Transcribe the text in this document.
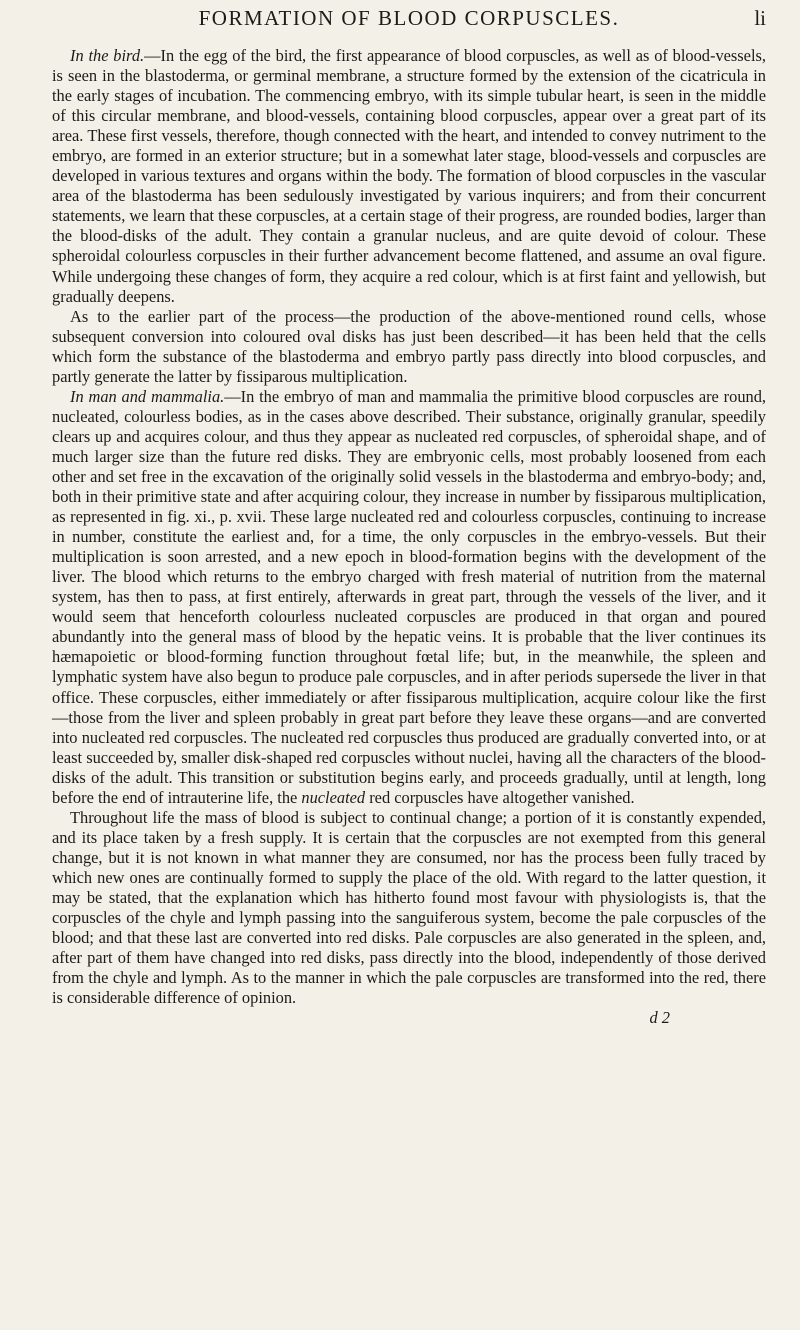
FORMATION OF BLOOD CORPUSCLES.	li

In the bird.—In the egg of the bird, the first appearance of blood corpuscles, as well as of blood-vessels, is seen in the blastoderma, or germinal membrane, a structure formed by the extension of the cicatricula in the early stages of incubation. The commencing embryo, with its simple tubular heart, is seen in the middle of this circular membrane, and blood-vessels, containing blood corpuscles, appear over a great part of its area. These first vessels, therefore, though connected with the heart, and intended to convey nutriment to the embryo, are formed in an exterior structure; but in a somewhat later stage, blood-vessels and corpuscles are developed in various textures and organs within the body. The formation of blood corpuscles in the vascular area of the blastoderma has been sedulously investigated by various inquirers; and from their concurrent statements, we learn that these corpuscles, at a certain stage of their progress, are rounded bodies, larger than the blood-disks of the adult. They contain a granular nucleus, and are quite devoid of colour. These spheroidal colourless corpuscles in their further advancement become flattened, and assume an oval figure. While undergoing these changes of form, they acquire a red colour, which is at first faint and yellowish, but gradually deepens.

As to the earlier part of the process—the production of the above-mentioned round cells, whose subsequent conversion into coloured oval disks has just been described—it has been held that the cells which form the substance of the blastoderma and embryo partly pass directly into blood corpuscles, and partly generate the latter by fissiparous multiplication.

In man and mammalia.—In the embryo of man and mammalia the primitive blood corpuscles are round, nucleated, colourless bodies, as in the cases above described. Their substance, originally granular, speedily clears up and acquires colour, and thus they appear as nucleated red corpuscles, of spheroidal shape, and of much larger size than the future red disks. They are embryonic cells, most probably loosened from each other and set free in the excavation of the originally solid vessels in the blastoderma and embryo-body; and, both in their primitive state and after acquiring colour, they increase in number by fissiparous multiplication, as represented in fig. xi., p. xvii. These large nucleated red and colourless corpuscles, continuing to increase in number, constitute the earliest and, for a time, the only corpuscles in the embryo-vessels. But their multiplication is soon arrested, and a new epoch in blood-formation begins with the development of the liver. The blood which returns to the embryo charged with fresh material of nutrition from the maternal system, has then to pass, at first entirely, afterwards in great part, through the vessels of the liver, and it would seem that henceforth colourless nucleated corpuscles are produced in that organ and poured abundantly into the general mass of blood by the hepatic veins. It is probable that the liver continues its hæmapoietic or blood-forming function throughout fœtal life; but, in the meanwhile, the spleen and lymphatic system have also begun to produce pale corpuscles, and in after periods supersede the liver in that office. These corpuscles, either immediately or after fissiparous multiplication, acquire colour like the first—those from the liver and spleen probably in great part before they leave these organs—and are converted into nucleated red corpuscles. The nucleated red corpuscles thus produced are gradually converted into, or at least succeeded by, smaller disk-shaped red corpuscles without nuclei, having all the characters of the blood-disks of the adult. This transition or substitution begins early, and proceeds gradually, until at length, long before the end of intrauterine life, the nucleated red corpuscles have altogether vanished.

Throughout life the mass of blood is subject to continual change; a portion of it is constantly expended, and its place taken by a fresh supply. It is certain that the corpuscles are not exempted from this general change, but it is not known in what manner they are consumed, nor has the process been fully traced by which new ones are continually formed to supply the place of the old. With regard to the latter question, it may be stated, that the explanation which has hitherto found most favour with physiologists is, that the corpuscles of the chyle and lymph passing into the sanguiferous system, become the pale corpuscles of the blood; and that these last are converted into red disks. Pale corpuscles are also generated in the spleen, and, after part of them have changed into red disks, pass directly into the blood, independently of those derived from the chyle and lymph. As to the manner in which the pale corpuscles are transformed into the red, there is considerable difference of opinion.

d 2
